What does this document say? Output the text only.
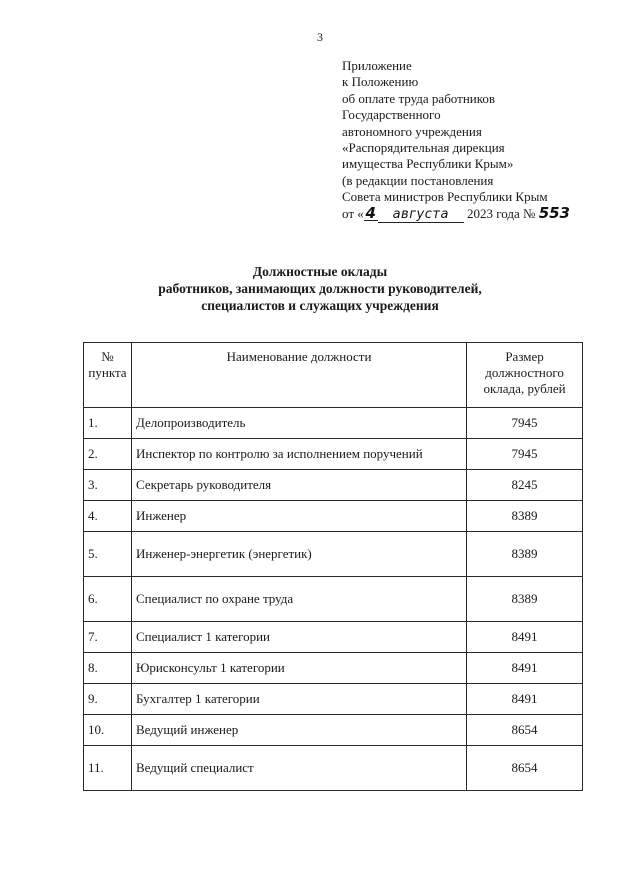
3
Приложение
к Положению
об оплате труда работников
Государственного
автономного учреждения
«Распорядительная дирекция
имущества Республики Крым»
(в редакции постановления
Совета министров Республики Крым
от « 4 августа 2023 года № 553
Должностные оклады
работников, занимающих должности руководителей,
специалистов и служащих учреждения
№
пункта	Наименование должности	Размер
должностного
оклада, рублей

1.	Делопроизводитель	7945
2.	Инспектор по контролю за исполнением поручений	7945
3.	Секретарь руководителя	8245
4.	Инженер	8389
5.	Инженер-энергетик (энергетик)	8389
6.	Специалист по охране труда	8389
7.	Специалист 1 категории	8491
8.	Юрисконсульт 1 категории	8491
9.	Бухгалтер 1 категории	8491
10.	Ведущий инженер	8654
11.	Ведущий специалист	8654
